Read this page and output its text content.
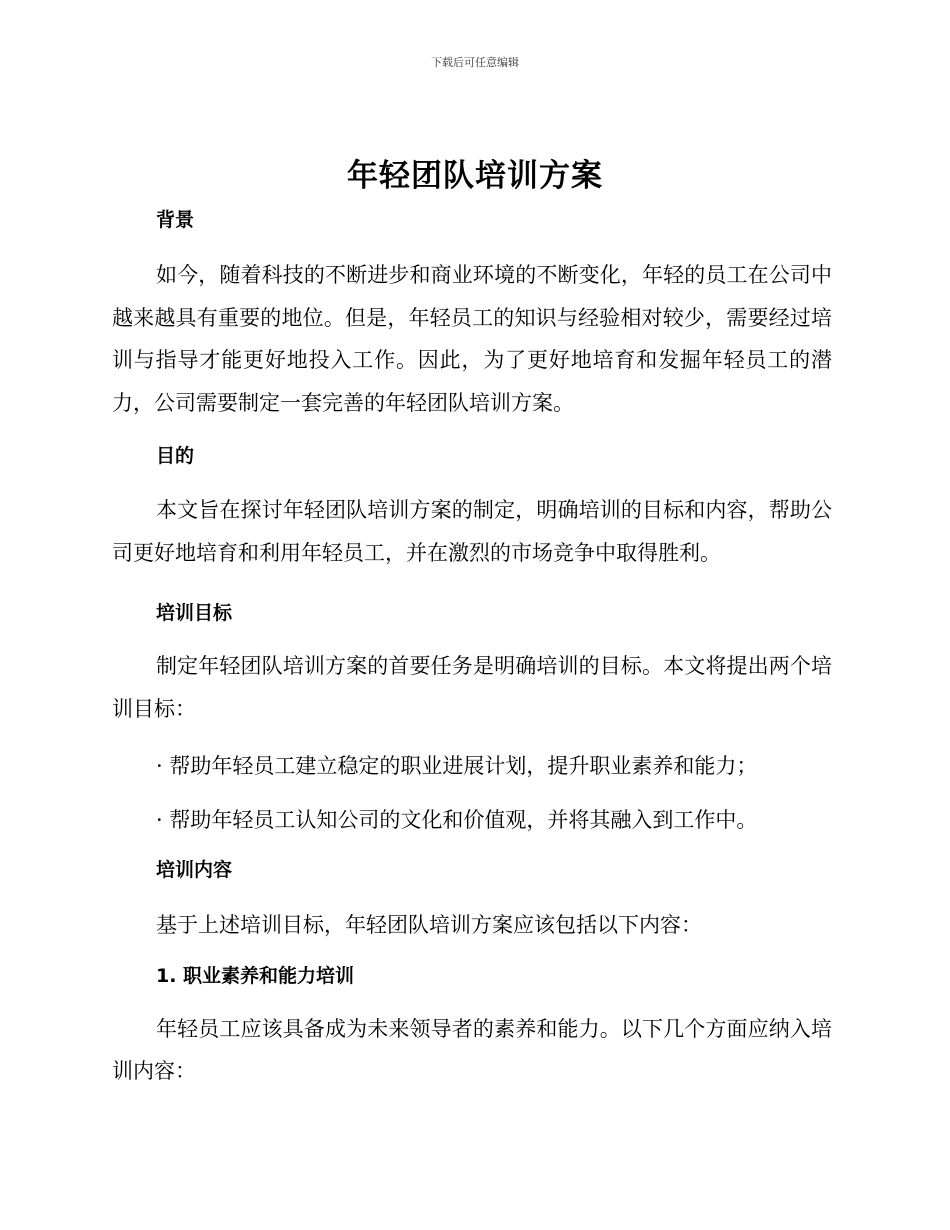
下载后可任意编辑
年轻团队培训方案
背景
如今，随着科技的不断进步和商业环境的不断变化，年轻的员工在公司中越来越具有重要的地位。但是，年轻员工的知识与经验相对较少，需要经过培训与指导才能更好地投入工作。因此，为了更好地培育和发掘年轻员工的潜力，公司需要制定一套完善的年轻团队培训方案。
目的
本文旨在探讨年轻团队培训方案的制定，明确培训的目标和内容，帮助公司更好地培育和利用年轻员工，并在激烈的市场竞争中取得胜利。
培训目标
制定年轻团队培训方案的首要任务是明确培训的目标。本文将提出两个培训目标：
· 帮助年轻员工建立稳定的职业进展计划，提升职业素养和能力；
· 帮助年轻员工认知公司的文化和价值观，并将其融入到工作中。
培训内容
基于上述培训目标，年轻团队培训方案应该包括以下内容：
1. 职业素养和能力培训
年轻员工应该具备成为未来领导者的素养和能力。以下几个方面应纳入培训内容：
